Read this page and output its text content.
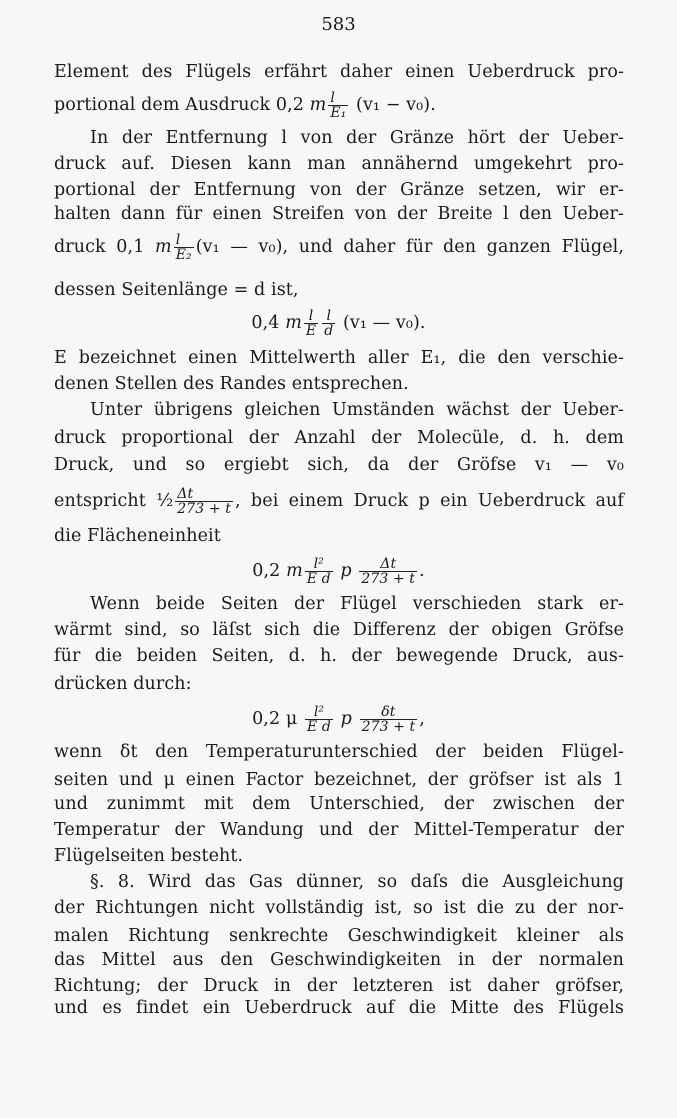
583
Element des Flügels erfährt daher einen Ueberdruck pro-
portional dem Ausdruck 0,2 m $\frac{l}{\text{E₁}} (v_1 - v_0)$.
In der Entfernung l von der Gränze hört der Ueber-
druck auf. Diesen kann man annähernd umgekehrt pro-
portional der Entfernung von der Gränze setzen, wir er-
halten dann für einen Streifen von der Breite l den Ueber-
druck 0,1 m $\frac{l}{\text{E₂}} (v_1$ — v₀), und daher für den ganzen Flügel,
dessen Seitenlänge = d ist,
0,4 m $\frac{l}{E} \frac{l}{d} (v_1$ — v₀).
E bezeichnet einen Mittelwerth aller E₁, die den verschie-
denen Stellen des Randes entsprechen.
Unter übrigens gleichen Umständen wächst der Ueber-
druck proportional der Anzahl der Molecüle, d. h. dem
Druck, und so ergiebt sich, da der Gröfse v₁ — v₀
entspricht ½ $\frac{\Delta t}{273 + t}$ , bei einem Druck p ein Ueberdruck auf
die Flächeneinheit
0,2 m $\frac{\text{l²}}{\text{E d}}$ p $\frac{\Delta t}{273 + t}$ .
Wenn beide Seiten der Flügel verschieden stark er-
wärmt sind, so läſst sich die Differenz der obigen Gröfse
für die beiden Seiten, d. h. der bewegende Druck, aus-
drücken durch:
0,2 μ $\frac{\text{l²}}{\text{E d}}$ p $\frac{\delta t}{273 + t}$ ,
wenn δt den Temperaturunterschied der beiden Flügel-
seiten und μ einen Factor bezeichnet, der gröfser ist als 1
und zunimmt mit dem Unterschied, der zwischen der
Temperatur der Wandung und der Mittel-Temperatur der
Flügelseiten besteht.
§. 8. Wird das Gas dünner, so daſs die Ausgleichung
der Richtungen nicht vollständig ist, so ist die zu der nor-
malen Richtung senkrechte Geschwindigkeit kleiner als
das Mittel aus den Geschwindigkeiten in der normalen
Richtung; der Druck in der letzteren ist daher gröfser,
und es findet ein Ueberdruck auf die Mitte des Flügels
